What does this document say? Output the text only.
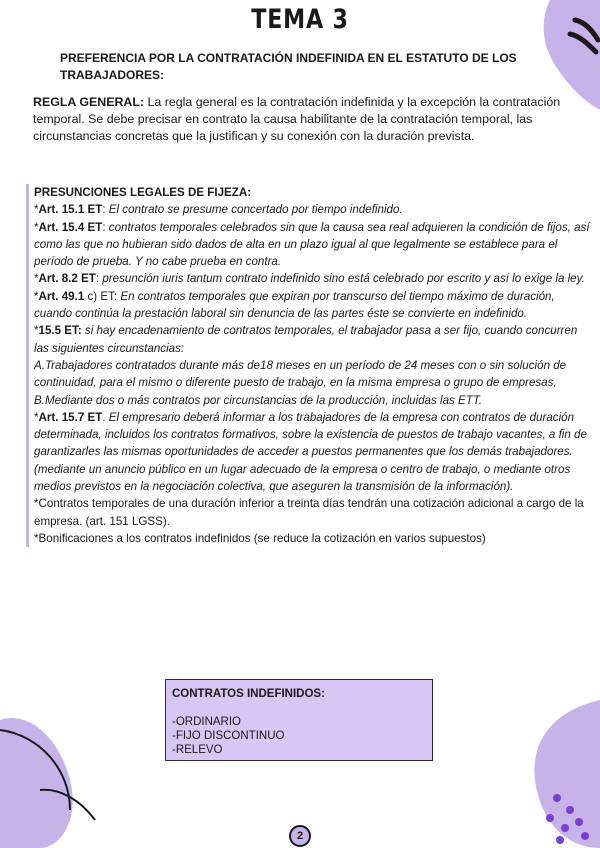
TEMA 3
PREFERENCIA POR LA CONTRATACIÓN INDEFINIDA EN EL ESTATUTO DE LOS TRABAJADORES:
REGLA GENERAL: La regla general es la contratación indefinida y la excepción la contratación temporal. Se debe precisar en contrato la causa habilitante de la contratación temporal, las circunstancias concretas que la justifican y su conexión con la duración prevista.

PRESUNCIONES LEGALES DE FIJEZA:

*Art. 15.1 ET: El contrato se presume concertado por tiempo indefinido.

*Art. 15.4 ET: contratos temporales celebrados sin que la causa sea real adquieren la condición de fijos, así como las que no hubieran sido dados de alta en un plazo igual al que legalmente se establece para el período de prueba. Y no cabe prueba en contra.

*Art. 8.2 ET: presunción iuris tantum contrato indefinido sino está celebrado por escrito y así lo exige la ley.

*Art. 49.1 c) ET: En contratos temporales que expiran por transcurso del tiempo máximo de duración, cuando continúa la prestación laboral sin denuncia de las partes éste se convierte en indefinido.

*15.5 ET: si hay encadenamiento de contratos temporales, el trabajador pasa a ser fijo, cuando concurren las siguientes circunstancias:

A.Trabajadores contratados durante más de18 meses en un período de 24 meses con o sin solución de continuidad, para el mismo o diferente puesto de trabajo, en la misma empresa o grupo de empresas,

B.Mediante dos o más contratos por circunstancias de la producción, incluidas las ETT.

*Art. 15.7 ET. El empresario deberá informar a los trabajadores de la empresa con contratos de duración determinada, incluidos los contratos formativos, sobre la existencia de puestos de trabajo vacantes, a fin de garantizarles las mismas oportunidades de acceder a puestos permanentes que los demás trabajadores. (mediante un anuncio público en un lugar adecuado de la empresa o centro de trabajo, o mediante otros medios previstos en la negociación colectiva, que aseguren la transmisión de la información).

*Contratos temporales de una duración inferior a treinta días tendrán una cotización adicional a cargo de la empresa. (art. 151 LGSS).

*Bonificaciones a los contratos indefinidos (se reduce la cotización en varios supuestos)

CONTRATOS INDEFINIDOS:
-ORDINARIO
-FIJO DISCONTINUO
-RELEVO
2
